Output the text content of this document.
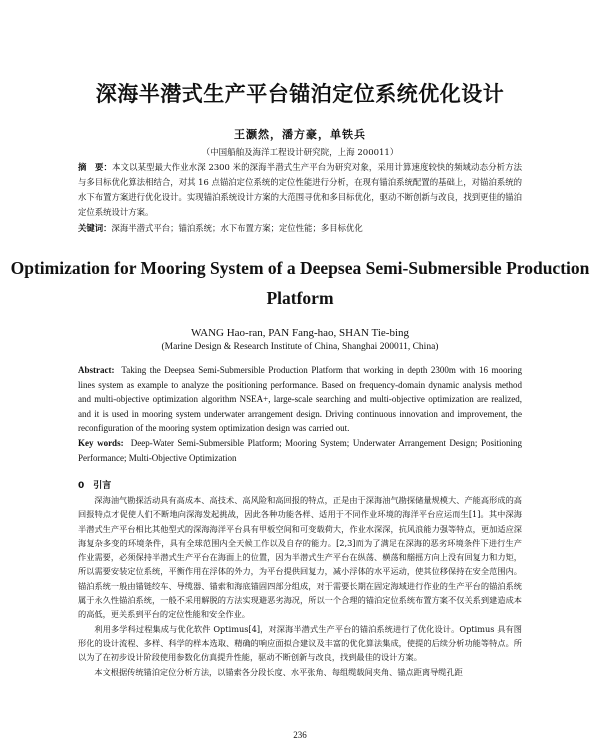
深海半潜式生产平台锚泊定位系统优化设计
王灏然，潘方豪，单铁兵
（中国船舶及海洋工程设计研究院，上海 200011）
摘　要：本文以某型最大作业水深 2300 米的深海半潜式生产平台为研究对象，采用计算速度较快的频域动态分析方法与多目标优化算法相结合，对其 16 点锚泊定位系统的定位性能进行分析，在现有锚泊系统配置的基础上，对锚泊系统的水下布置方案进行优化设计。实现锚泊系统设计方案的大范围寻优和多目标优化，驱动不断创新与改良，找到更佳的锚泊定位系统设计方案。
关键词：深海半潜式平台；锚泊系统；水下布置方案；定位性能；多目标优化
Optimization for Mooring System of a Deepsea Semi-Submersible Production Platform
WANG Hao-ran, PAN Fang-hao, SHAN Tie-bing
(Marine Design & Research Institute of China, Shanghai 200011, China)
Abstract: Taking the Deepsea Semi-Submersible Production Platform that working in depth 2300m with 16 mooring lines system as example to analyze the positioning performance. Based on frequency-domain dynamic analysis method and multi-objective optimization algorithm NSEA+, large-scale searching and multi-objective optimization are realized, and it is used in mooring system underwater arrangement design. Driving continuous innovation and improvement, the reconfiguration of the mooring system optimization design was carried out.
Key words: Deep-Water Semi-Submersible Platform; Mooring System; Underwater Arrangement Design; Positioning Performance; Multi-Objective Optimization
0　引言

深海油气勘探活动具有高成本、高技术、高风险和高回报的特点，正是由于深海油气勘探储量规模大、产能高形成的高回报特点才促使人们不断地向深海发起挑战，因此各种功能各样、适用于不同作业环境的海洋平台应运而生[1]。其中深海半潜式生产平台相比其他型式的深海海洋平台具有甲板空间和可变载荷大，作业水深深，抗风浪能力强等特点，更加适应深海复杂多变的环境条件，具有全球范围内全天候工作以及自存的能力。[2,3]而为了满足在深海的恶劣环境条件下进行生产作业需要，必须保持半潜式生产平台在海面上的位置，因为半潜式生产平台在纵荡、横荡和艏摇方向上没有回复力和力矩，所以需要安装定位系统，平衡作用在浮体的外力，为平台提供回复力，减小浮体的水平运动，使其位移保持在安全范围内。锚泊系统一般由锚链绞车、导缆器、锚索和海底锚固四部分组成，对于需要长期在固定海域进行作业的生产平台的锚泊系统属于永久性锚泊系统，一般不采用解脱的方法实现避恶劣海况，所以一个合理的锚泊定位系统布置方案不仅关系到建造成本的高低，更关系到平台的定位性能和安全作业。

利用多学科过程集成与优化软件 Optimus[4]，对深海半潜式生产平台的锚泊系统进行了优化设计。Optimus 具有图形化的设计流程、多样、科学的样本选取、精确的响应面拟合建议及丰富的优化算法集成，使提的后续分析功能等特点。所以为了在初步设计阶段使用参数化仿真提升性能，驱动不断创新与改良，找到最佳的设计方案。

本文根据传统锚泊定位分析方法，以锚索各分段长度、水平张角、每组缆载间夹角、锚点距离导缆孔距

236
